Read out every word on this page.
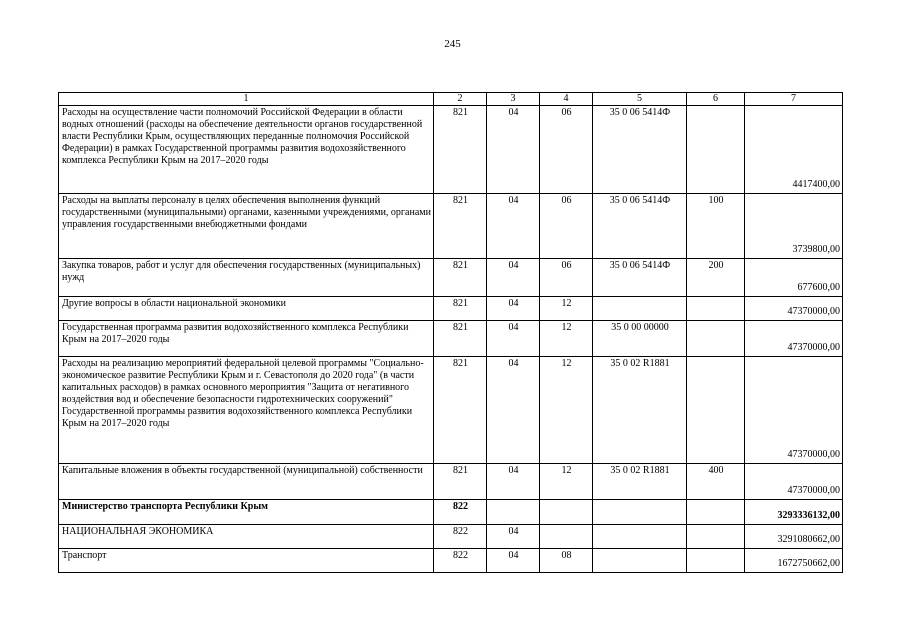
245
1	2	3	4	5	6	7
Расходы на осуществление части полномочий Российской Федерации в области водных отношений (расходы на обеспечение деятельности органов государственной власти Республики Крым, осуществляющих переданные полномочия Российской Федерации) в рамках Государственной программы развития водохозяйственного комплекса Республики Крым на 2017–2020 годы	821	04	06	35 0 06 5414Ф		4417400,00
Расходы на выплаты персоналу в целях обеспечения выполнения функций государственными (муниципальными) органами, казенными учреждениями, органами управления государственными внебюджетными фондами	821	04	06	35 0 06 5414Ф	100	3739800,00
Закупка товаров, работ и услуг для обеспечения государственных (муниципальных) нужд	821	04	06	35 0 06 5414Ф	200	677600,00
Другие вопросы в области национальной экономики	821	04	12			47370000,00
Государственная программа развития водохозяйственного комплекса Республики Крым на 2017–2020 годы	821	04	12	35 0 00 00000		47370000,00
Расходы на реализацию мероприятий федеральной целевой программы "Социально-экономическое развитие Республики Крым и г. Севастополя до 2020 года" (в части капитальных расходов) в рамках основного мероприятия "Защита от негативного воздействия вод и обеспечение безопасности гидротехнических сооружений" Государственной программы развития водохозяйственного комплекса Республики Крым на 2017–2020 годы	821	04	12	35 0 02 R1881		47370000,00
Капитальные вложения в объекты государственной (муниципальной) собственности	821	04	12	35 0 02 R1881	400	47370000,00
Министерство транспорта Республики Крым	822					3293336132,00
НАЦИОНАЛЬНАЯ ЭКОНОМИКА	822	04				3291080662,00
Транспорт	822	04	08			1672750662,00
